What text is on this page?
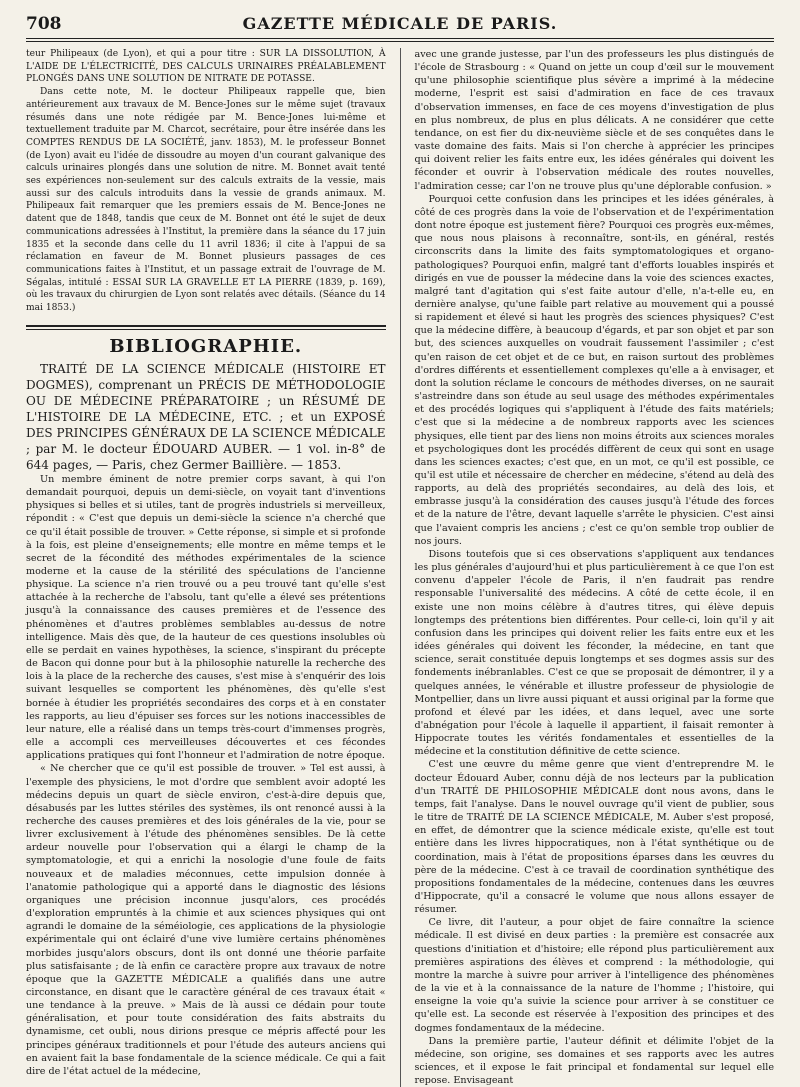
708	GAZETTE MÉDICALE DE PARIS.

teur Philipeaux (de Lyon), et qui a pour titre : SUR LA DISSOLUTION, À L'AIDE DE L'ÉLECTRICITÉ, DES CALCULS URINAIRES PRÉALABLEMENT PLONGÉS DANS UNE SOLUTION DE NITRATE DE POTASSE.

Dans cette note, M. le docteur Philipeaux rappelle que, bien antérieurement aux travaux de M. Bence-Jones sur le même sujet (travaux résumés dans une note rédigée par M. Bence-Jones lui-même et textuellement traduite par M. Charcot, secrétaire, pour être insérée dans les COMPTES RENDUS DE LA SOCIÉTÉ, janv. 1853), M. le professeur Bonnet (de Lyon) avait eu l'idée de dissoudre au moyen d'un courant galvanique des calculs urinaires plongés dans une solution de nitre. M. Bonnet avait tenté ses expériences non-seulement sur des calculs extraits de la vessie, mais aussi sur des calculs introduits dans la vessie de grands animaux. M. Philipeaux fait remarquer que les premiers essais de M. Bence-Jones ne datent que de 1848, tandis que ceux de M. Bonnet ont été le sujet de deux communications adressées à l'Institut, la première dans la séance du 17 juin 1835 et la seconde dans celle du 11 avril 1836; il cite à l'appui de sa réclamation en faveur de M. Bonnet plusieurs passages de ces communications faites à l'Institut, et un passage extrait de l'ouvrage de M. Ségalas, intitulé : ESSAI SUR LA GRAVELLE ET LA PIERRE (1839, p. 169), où les travaux du chirurgien de Lyon sont relatés avec détails. (Séance du 14 mai 1853.)

BIBLIOGRAPHIE.

TRAITÉ DE LA SCIENCE MÉDICALE (HISTOIRE ET DOGMES), comprenant un PRÉCIS DE MÉTHODOLOGIE OU DE MÉDECINE PRÉPARATOIRE ; un RÉSUMÉ DE L'HISTOIRE DE LA MÉDECINE, ETC. ; et un EXPOSÉ DES PRINCIPES GÉNÉRAUX DE LA SCIENCE MÉDICALE ; par M. le docteur ÉDOUARD AUBER. — 1 vol. in-8° de 644 pages, — Paris, chez Germer Baillière. — 1853.

Un membre éminent de notre premier corps savant, à qui l'on demandait pourquoi, depuis un demi-siècle, on voyait tant d'inventions physiques si belles et si utiles, tant de progrès industriels si merveilleux, répondit : « C'est que depuis un demi-siècle la science n'a cherché que ce qu'il était possible de trouver. » Cette réponse, si simple et si profonde à la fois, est pleine d'enseignements; elle montre en même temps et le secret de la fécondité des méthodes expérimentales de la science moderne et la cause de la stérilité des spéculations de l'ancienne physique. La science n'a rien trouvé ou a peu trouvé tant qu'elle s'est attachée à la recherche de l'absolu, tant qu'elle a élevé ses prétentions jusqu'à la connaissance des causes premières et de l'essence des phénomènes et d'autres problèmes semblables au-dessus de notre intelligence. Mais dès que, de la hauteur de ces questions insolubles où elle se perdait en vaines hypothèses, la science, s'inspirant du précepte de Bacon qui donne pour but à la philosophie naturelle la recherche des lois à la place de la recherche des causes, s'est mise à s'enquérir des lois suivant lesquelles se comportent les phénomènes, dès qu'elle s'est bornée à étudier les propriétés secondaires des corps et à en constater les rapports, au lieu d'épuiser ses forces sur les notions inaccessibles de leur nature, elle a réalisé dans un temps très-court d'immenses progrès, elle a accompli ces merveilleuses découvertes et ces fécondes applications pratiques qui font l'honneur et l'admiration de notre époque.

« Ne chercher que ce qu'il est possible de trouver. » Tel est aussi, à l'exemple des physiciens, le mot d'ordre que semblent avoir adopté les médecins depuis un quart de siècle environ, c'est-à-dire depuis que, désabusés par les luttes stériles des systèmes, ils ont renoncé aussi à la recherche des causes premières et des lois générales de la vie, pour se livrer exclusivement à l'étude des phénomènes sensibles. De là cette ardeur nouvelle pour l'observation qui a élargi le champ de la symptomatologie, et qui a enrichi la nosologie d'une foule de faits nouveaux et de maladies méconnues, cette impulsion donnée à l'anatomie pathologique qui a apporté dans le diagnostic des lésions organiques une précision inconnue jusqu'alors, ces procédés d'exploration empruntés à la chimie et aux sciences physiques qui ont agrandi le domaine de la séméiologie, ces applications de la physiologie expérimentale qui ont éclairé d'une vive lumière certains phénomènes morbides jusqu'alors obscurs, dont ils ont donné une théorie parfaite plus satisfaisante ; de là enfin ce caractère propre aux travaux de notre époque que la GAZETTE MÉDICALE a qualifiés dans une autre circonstance, en disant que le caractère général de ces travaux était « une tendance à la preuve. » Mais de là aussi ce dédain pour toute généralisation, et pour toute considération des faits abstraits du dynamisme, cet oubli, nous dirions presque ce mépris affecté pour les principes généraux traditionnels et pour l'étude des auteurs anciens qui en avaient fait la base fondamentale de la science médicale. Ce qui a fait dire de l'état actuel de la médecine,

avec une grande justesse, par l'un des professeurs les plus distingués de l'école de Strasbourg : « Quand on jette un coup d'œil sur le mouvement qu'une philosophie scientifique plus sévère a imprimé à la médecine moderne, l'esprit est saisi d'admiration en face de ces travaux d'observation immenses, en face de ces moyens d'investigation de plus en plus nombreux, de plus en plus délicats. A ne considérer que cette tendance, on est fier du dix-neuvième siècle et de ses conquêtes dans le vaste domaine des faits. Mais si l'on cherche à apprécier les principes qui doivent relier les faits entre eux, les idées générales qui doivent les féconder et ouvrir à l'observation médicale des routes nouvelles, l'admiration cesse; car l'on ne trouve plus qu'une déplorable confusion. »

Pourquoi cette confusion dans les principes et les idées générales, à côté de ces progrès dans la voie de l'observation et de l'expérimentation dont notre époque est justement fière? Pourquoi ces progrès eux-mêmes, que nous nous plaisons à reconnaître, sont-ils, en général, restés circonscrits dans la limite des faits symptomatologiques et organo-pathologiques? Pourquoi enfin, malgré tant d'efforts louables inspirés et dirigés en vue de pousser la médecine dans la voie des sciences exactes, malgré tant d'agitation qui s'est faite autour d'elle, n'a-t-elle eu, en dernière analyse, qu'une faible part relative au mouvement qui a poussé si rapidement et élevé si haut les progrès des sciences physiques? C'est que la médecine diffère, à beaucoup d'égards, et par son objet et par son but, des sciences auxquelles on voudrait faussement l'assimiler ; c'est qu'en raison de cet objet et de ce but, en raison surtout des problèmes d'ordres différents et essentiellement complexes qu'elle a à envisager, et dont la solution réclame le concours de méthodes diverses, on ne saurait s'astreindre dans son étude au seul usage des méthodes expérimentales et des procédés logiques qui s'appliquent à l'étude des faits matériels; c'est que si la médecine a de nombreux rapports avec les sciences physiques, elle tient par des liens non moins étroits aux sciences morales et psychologiques dont les procédés diffèrent de ceux qui sont en usage dans les sciences exactes; c'est que, en un mot, ce qu'il est possible, ce qu'il est utile et nécessaire de chercher en médecine, s'étend au delà des rapports, au delà des propriétés secondaires, au delà des lois, et embrasse jusqu'à la considération des causes jusqu'à l'étude des forces et de la nature de l'être, devant laquelle s'arrête le physicien. C'est ainsi que l'avaient compris les anciens ; c'est ce qu'on semble trop oublier de nos jours.

Disons toutefois que si ces observations s'appliquent aux tendances les plus générales d'aujourd'hui et plus particulièrement à ce que l'on est convenu d'appeler l'école de Paris, il n'en faudrait pas rendre responsable l'universalité des médecins. A côté de cette école, il en existe une non moins célèbre à d'autres titres, qui élève depuis longtemps des prétentions bien différentes. Pour celle-ci, loin qu'il y ait confusion dans les principes qui doivent relier les faits entre eux et les idées générales qui doivent les féconder, la médecine, en tant que science, serait constituée depuis longtemps et ses dogmes assis sur des fondements inébranlables. C'est ce que se proposait de démontrer, il y a quelques années, le vénérable et illustre professeur de physiologie de Montpellier, dans un livre aussi piquant et aussi original par la forme que profond et élevé par les idées, et dans lequel, avec une sorte d'abnégation pour l'école à laquelle il appartient, il faisait remonter à Hippocrate toutes les vérités fondamentales et essentielles de la médecine et la constitution définitive de cette science.

C'est une œuvre du même genre que vient d'entreprendre M. le docteur Édouard Auber, connu déjà de nos lecteurs par la publication d'un TRAITÉ DE PHILOSOPHIE MÉDICALE dont nous avons, dans le temps, fait l'analyse. Dans le nouvel ouvrage qu'il vient de publier, sous le titre de TRAITÉ DE LA SCIENCE MÉDICALE, M. Auber s'est proposé, en effet, de démontrer que la science médicale existe, qu'elle est tout entière dans les livres hippocratiques, non à l'état synthétique ou de coordination, mais à l'état de propositions éparses dans les œuvres du père de la médecine. C'est à ce travail de coordination synthétique des propositions fondamentales de la médecine, contenues dans les œuvres d'Hippocrate, qu'il a consacré le volume que nous allons essayer de résumer.

Ce livre, dit l'auteur, a pour objet de faire connaître la science médicale. Il est divisé en deux parties : la première est consacrée aux questions d'initiation et d'histoire; elle répond plus particulièrement aux premières aspirations des élèves et comprend : la méthodologie, qui montre la marche à suivre pour arriver à l'intelligence des phénomènes de la vie et à la connaissance de la nature de l'homme ; l'histoire, qui enseigne la voie qu'a suivie la science pour arriver à se constituer ce qu'elle est. La seconde est réservée à l'exposition des principes et des dogmes fondamentaux de la médecine.

Dans la première partie, l'auteur définit et délimite l'objet de la médecine, son origine, ses domaines et ses rapports avec les autres sciences, et il expose le fait principal et fondamental sur lequel elle repose. Envisageant
